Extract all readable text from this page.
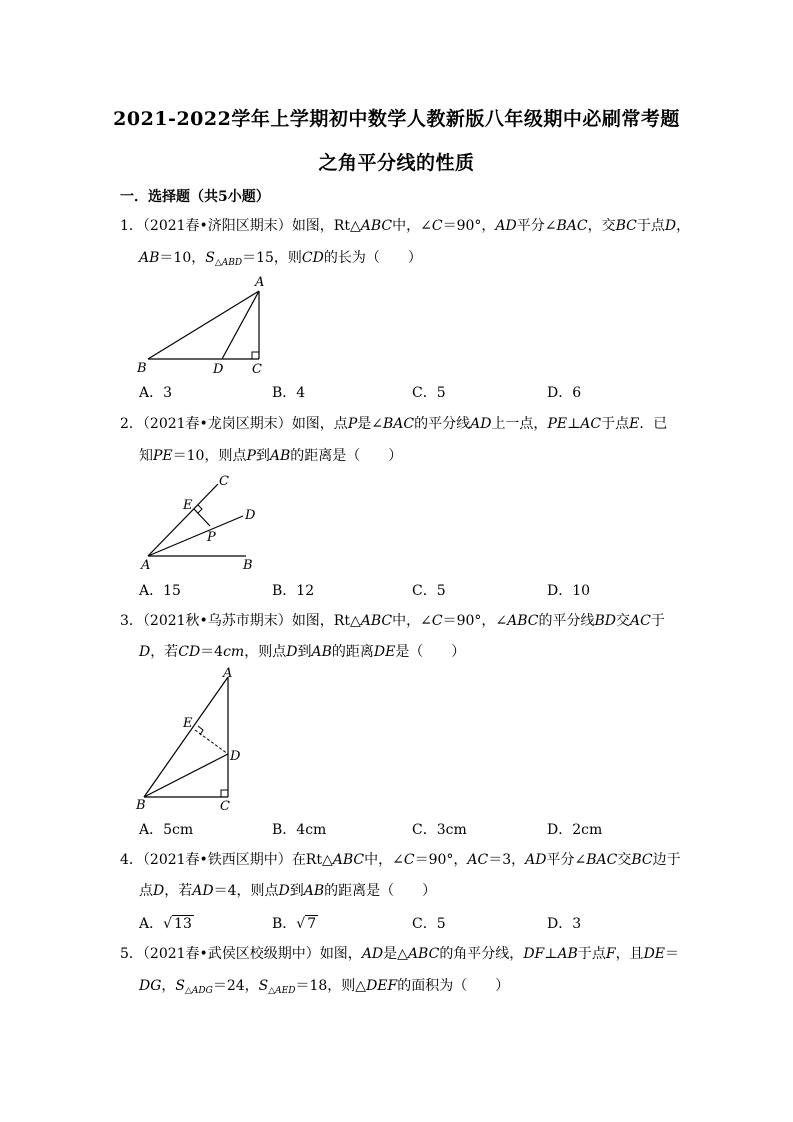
2021-2022学年上学期初中数学人教新版八年级期中必刷常考题
之角平分线的性质
一．选择题（共5小题）
1．（2021春•济阳区期末）如图，Rt△ABC中，∠C＝90°，AD平分∠BAC，交BC于点D，
AB＝10，$S_{\triangle ABD}=15$，则CD的长为（　　）
A
B	D C
A．3	B．4	C．5	D．6
2．（2021春•龙岗区期末）如图，点P是∠BAC的平分线AD上一点，PE⊥AC于点E．已
知PE＝10，则点P到AB的距离是（　　）
C
E
D
P
A	B
A．15	B．12	C．5	D．10
3．（2021秋•乌苏市期末）如图，Rt△ABC中，∠C＝90°，∠ABC的平分线BD交AC于
D，若CD＝4cm，则点D到AB的距离DE是（　　）
A
E
D
B	C
A．5cm	B．4cm	C．3cm	D．2cm
4．（2021春•铁西区期中）在Rt△ABC中，∠C＝90°，AC＝3，AD平分∠BAC交BC边于
点D，若AD＝4，则点D到AB的距离是（　　）
A．√ 13	B．√ 7	C．5	D．3
5．（2021春•武侯区校级期中）如图，AD是△ABC的角平分线，DF⊥AB于点F，且DE＝
DG，$S_{\triangle ADG}=24$，$S_{\triangle AED}=18$，则△DEF的面积为（　　）
